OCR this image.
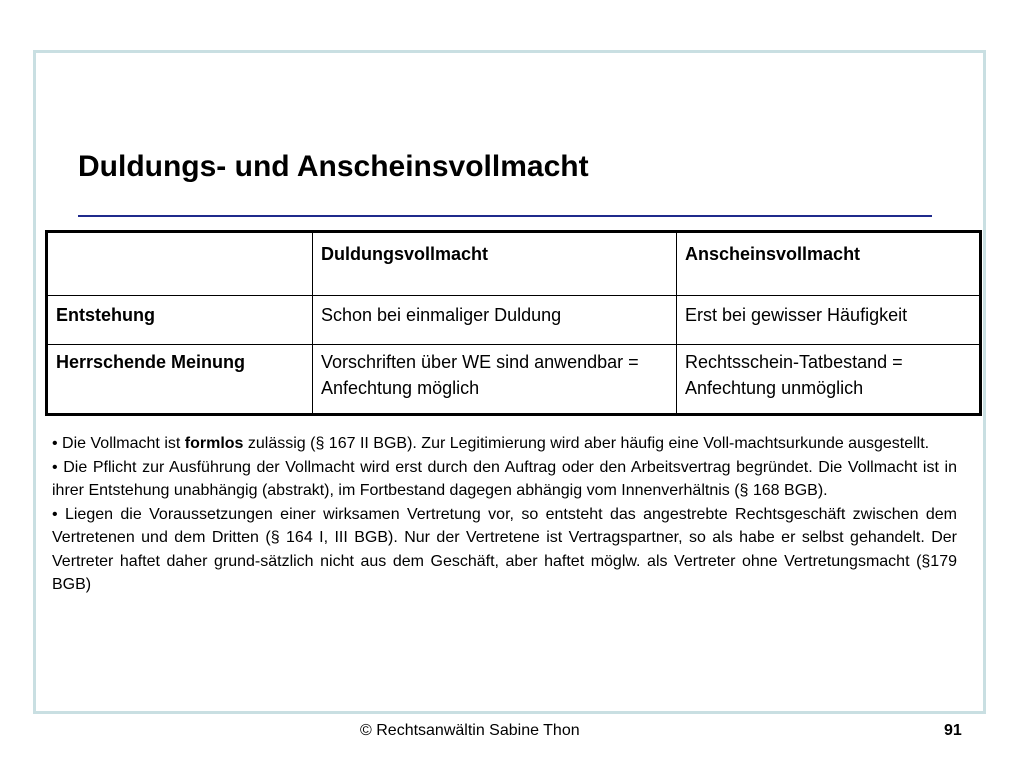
Duldungs- und Anscheinsvollmacht
	Duldungsvollmacht	Anscheinsvollmacht
Entstehung	Schon bei einmaliger Duldung	Erst bei gewisser Häufigkeit
Herrschende Meinung	Vorschriften über WE sind anwendbar = Anfechtung möglich	Rechtsschein-Tatbestand = Anfechtung unmöglich

• Die Vollmacht ist formlos zulässig (§ 167 II BGB). Zur Legitimierung wird aber häufig eine Voll-machtsurkunde ausgestellt.

• Die Pflicht zur Ausführung der Vollmacht wird erst durch den Auftrag oder den Arbeitsvertrag begründet. Die Vollmacht ist in ihrer Entstehung unabhängig (abstrakt), im Fortbestand dagegen abhängig vom Innenverhältnis (§ 168 BGB).

• Liegen die Voraussetzungen einer wirksamen Vertretung vor, so entsteht das angestrebte Rechtsgeschäft zwischen dem Vertretenen und dem Dritten (§ 164 I, III BGB). Nur der Vertretene ist Vertragspartner, so als habe er selbst gehandelt. Der Vertreter haftet daher grund-sätzlich nicht aus dem Geschäft, aber haftet möglw. als Vertreter ohne Vertretungsmacht (§179 BGB)

© Rechtsanwältin Sabine Thon	91
